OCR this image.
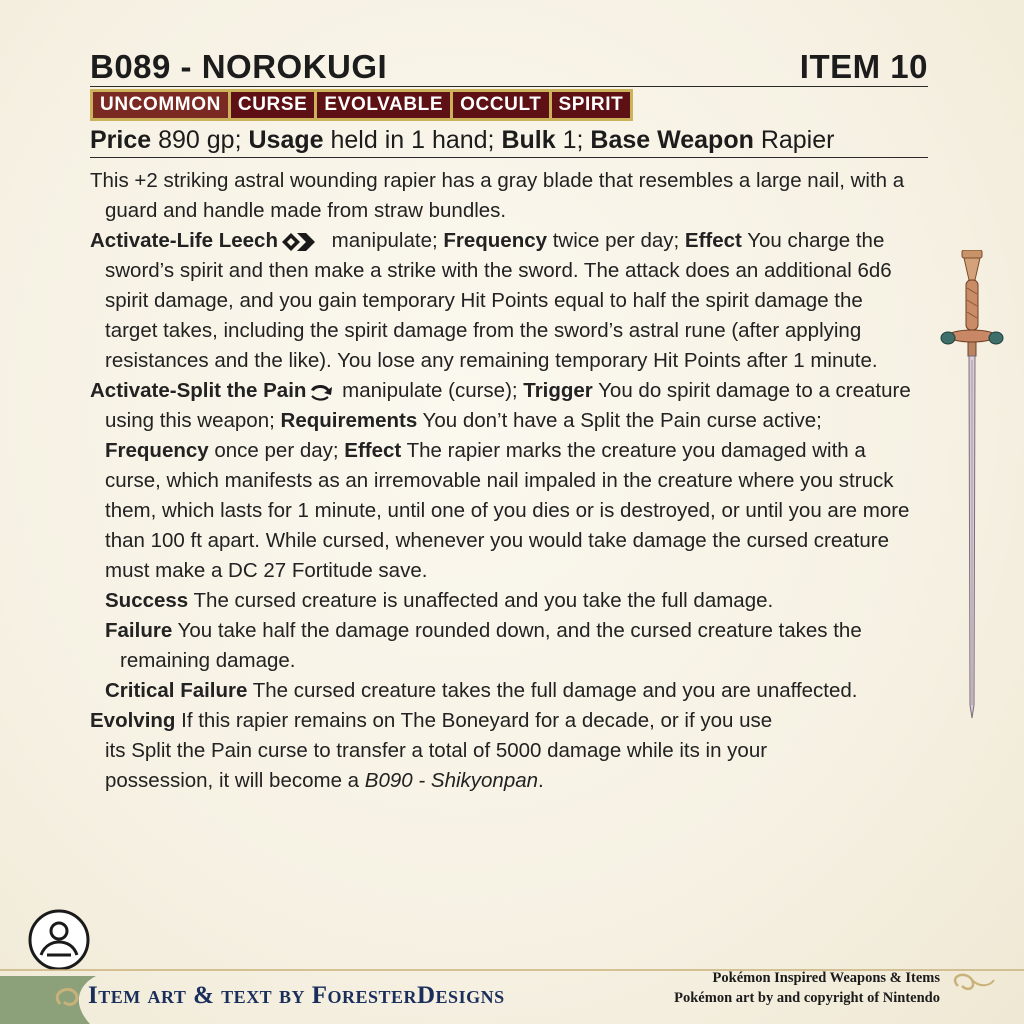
B089 - NOROKUGI	ITEM 10
UNCOMMON CURSE EVOLVABLE OCCULT SPIRIT
Price 890 gp; Usage held in 1 hand; Bulk 1; Base Weapon Rapier

This +2 striking astral wounding rapier has a gray blade that resembles a large nail, with a guard and handle made from straw bundles.

Activate-Life Leech manipulate; Frequency twice per day; Effect You charge the sword’s spirit and then make a strike with the sword. The attack does an additional 6d6 spirit damage, and you gain temporary Hit Points equal to half the spirit damage the target takes, including the spirit damage from the sword’s astral rune (after applying resistances and the like). You lose any remaining temporary Hit Points after 1 minute.

Activate-Split the Pain manipulate (curse); Trigger You do spirit damage to a creature using this weapon; Requirements You don’t have a Split the Pain curse active; Frequency once per day; Effect The rapier marks the creature you damaged with a curse, which manifests as an irremovable nail impaled in the creature where you struck them, which lasts for 1 minute, until one of you dies or is destroyed, or until you are more than 100 ft apart. While cursed, whenever you would take damage the cursed creature must make a DC 27 Fortitude save.

Success The cursed creature is unaffected and you take the full damage.

Failure You take half the damage rounded down, and the cursed creature takes the remaining damage.

Critical Failure The cursed creature takes the full damage and you are unaffected.

Evolving If this rapier remains on The Boneyard for a decade, or if you use its Split the Pain curse to transfer a total of 5000 damage while its in your possession, it will become a B090 - Shikyonpan.

Item art & text by ForesterDesigns
Pokémon Inspired Weapons & Items
Pokémon art by and copyright of Nintendo
